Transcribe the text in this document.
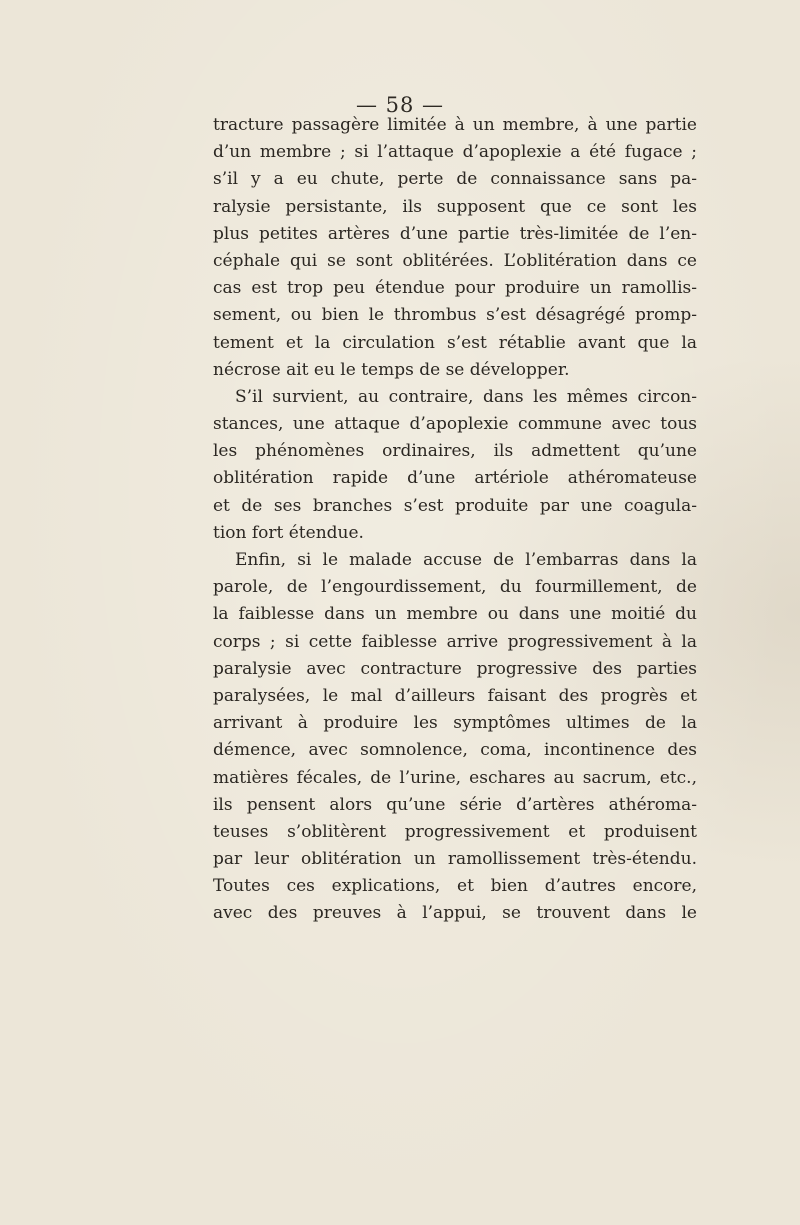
— 58 —
tracture passagère limitée à un membre, à une partie
d’un membre ; si l’attaque d’apoplexie a été fugace ;
s’il y a eu chute, perte de connaissance sans pa-
ralysie persistante, ils supposent que ce sont les
plus petites artères d’une partie très-limitée de l’en-
céphale qui se sont oblitérées. L’oblitération dans ce
cas est trop peu étendue pour produire un ramollis-
sement, ou bien le thrombus s’est désagrégé promp-
tement et la circulation s’est rétablie avant que la
nécrose ait eu le temps de se développer.
S’il survient, au contraire, dans les mêmes circon-
stances, une attaque d’apoplexie commune avec tous
les phénomènes ordinaires, ils admettent qu’une
oblitération rapide d’une artériole athéromateuse
et de ses branches s’est produite par une coagula-
tion fort étendue.
Enfin, si le malade accuse de l’embarras dans la
parole, de l’engourdissement, du fourmillement, de
la faiblesse dans un membre ou dans une moitié du
corps ; si cette faiblesse arrive progressivement à la
paralysie avec contracture progressive des parties
paralysées, le mal d’ailleurs faisant des progrès et
arrivant à produire les symptômes ultimes de la
démence, avec somnolence, coma, incontinence des
matières fécales, de l’urine, eschares au sacrum, etc.,
ils pensent alors qu’une série d’artères athéroma-
teuses s’oblitèrent progressivement et produisent
par leur oblitération un ramollissement très-étendu.
Toutes ces explications, et bien d’autres encore,
avec des preuves à l’appui, se trouvent dans le
